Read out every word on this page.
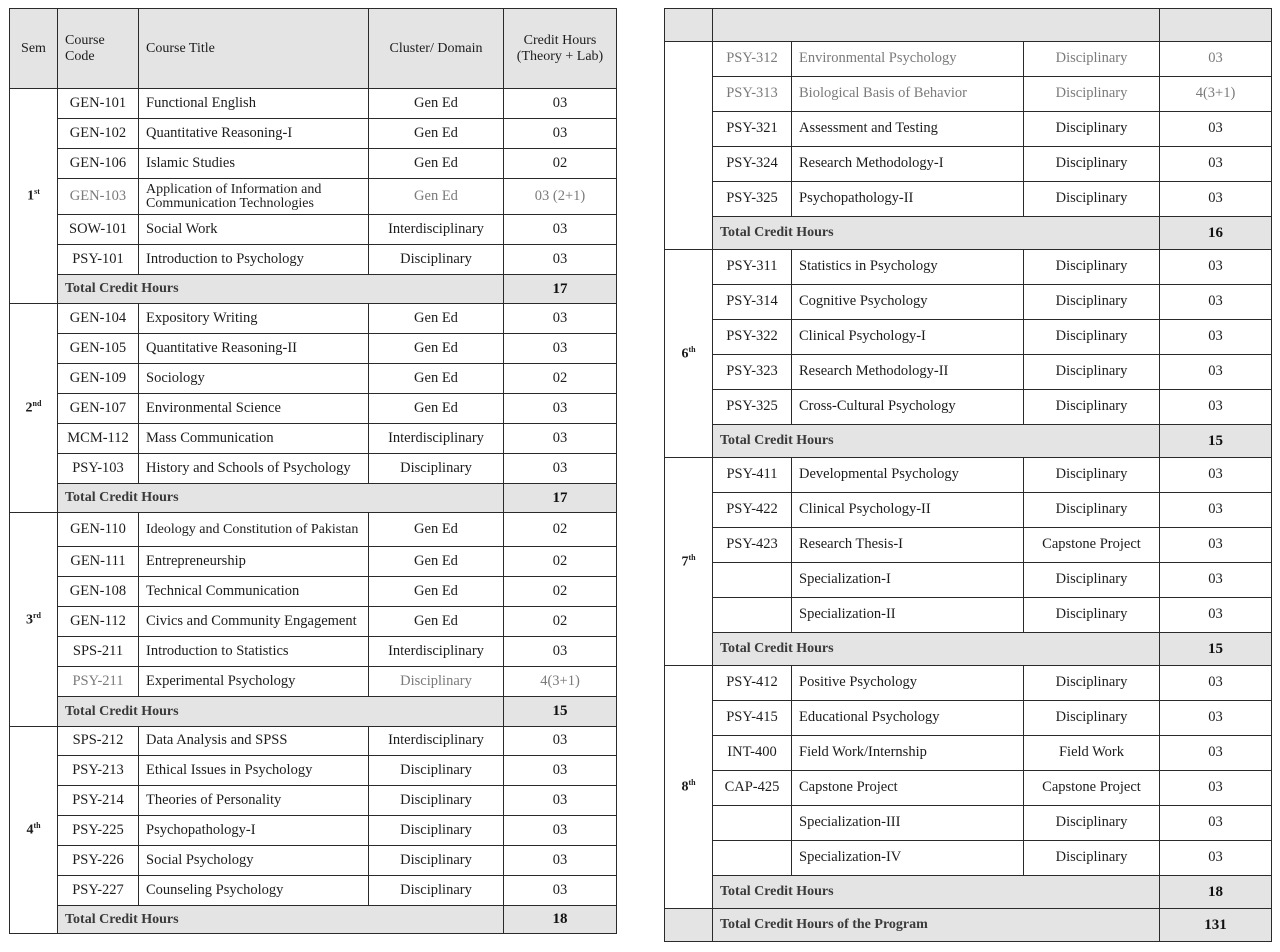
Sem	Course
Code	Course Title	Cluster/ Domain	Credit Hours
(Theory + Lab)
1st	GEN-101	Functional English	Gen Ed	03
	GEN-102	Quantitative Reasoning-I	Gen Ed	03
	GEN-106	Islamic Studies	Gen Ed	02
	GEN-103	Application of Information and Communication Technologies	Gen Ed	03 (2+1)
	SOW-101	Social Work	Interdisciplinary	03
	PSY-101	Introduction to Psychology	Disciplinary	03
	Total Credit Hours			17
2nd	GEN-104	Expository Writing	Gen Ed	03
	GEN-105	Quantitative Reasoning-II	Gen Ed	03
	GEN-109	Sociology	Gen Ed	02
	GEN-107	Environmental Science	Gen Ed	03
	MCM-112	Mass Communication	Interdisciplinary	03
	PSY-103	History and Schools of Psychology	Disciplinary	03
	Total Credit Hours			17
3rd	GEN-110	Ideology and Constitution of Pakistan	Gen Ed	02
	GEN-111	Entrepreneurship	Gen Ed	02
	GEN-108	Technical Communication	Gen Ed	02
	GEN-112	Civics and Community Engagement	Gen Ed	02
	SPS-211	Introduction to Statistics	Interdisciplinary	03
	PSY-211	Experimental Psychology	Disciplinary	4(3+1)
	Total Credit Hours			15
4th	SPS-212	Data Analysis and SPSS	Interdisciplinary	03
	PSY-213	Ethical Issues in Psychology	Disciplinary	03
	PSY-214	Theories of Personality	Disciplinary	03
	PSY-225	Psychopathology-I	Disciplinary	03
	PSY-226	Social Psychology	Disciplinary	03
	PSY-227	Counseling Psychology	Disciplinary	03
	Total Credit Hours			18

	PSY-312	Environmental Psychology	Disciplinary	03
	PSY-313	Biological Basis of Behavior	Disciplinary	4(3+1)
	PSY-321	Assessment and Testing	Disciplinary	03
	PSY-324	Research Methodology-I	Disciplinary	03
	PSY-325	Psychopathology-II	Disciplinary	03
	Total Credit Hours			16
6th	PSY-311	Statistics in Psychology	Disciplinary	03
	PSY-314	Cognitive Psychology	Disciplinary	03
	PSY-322	Clinical Psychology-I	Disciplinary	03
	PSY-323	Research Methodology-II	Disciplinary	03
	PSY-325	Cross-Cultural Psychology	Disciplinary	03
	Total Credit Hours			15
7th	PSY-411	Developmental Psychology	Disciplinary	03
	PSY-422	Clinical Psychology-II	Disciplinary	03
	PSY-423	Research Thesis-I	Capstone Project	03
		Specialization-I	Disciplinary	03
		Specialization-II	Disciplinary	03
	Total Credit Hours			15
8th	PSY-412	Positive Psychology	Disciplinary	03
	PSY-415	Educational Psychology	Disciplinary	03
	INT-400	Field Work/Internship	Field Work	03
	CAP-425	Capstone Project	Capstone Project	03
		Specialization-III	Disciplinary	03
		Specialization-IV	Disciplinary	03
	Total Credit Hours			18
	Total Credit Hours of the Program			131
